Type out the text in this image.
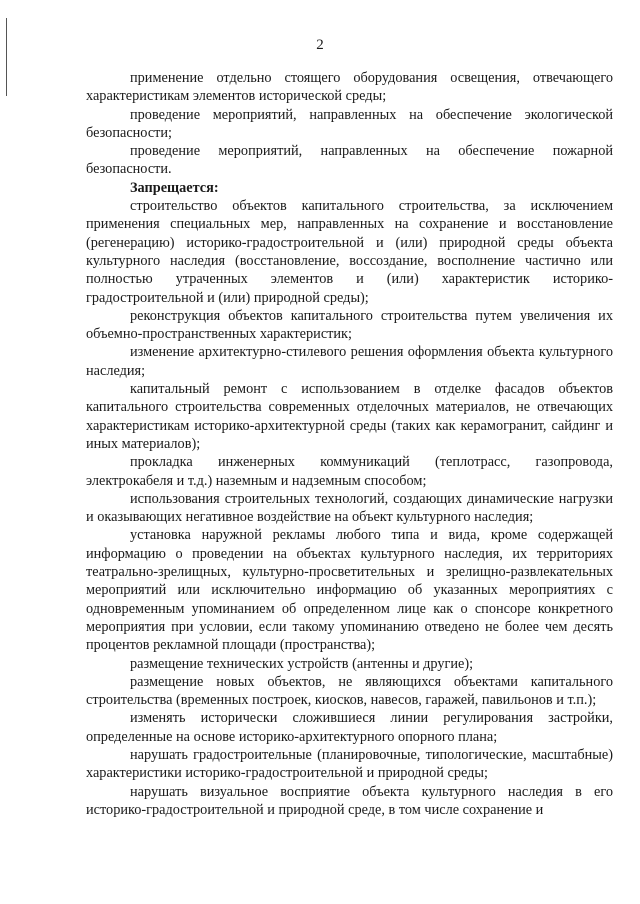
2

применение отдельно стоящего оборудования освещения, отвечающего характеристикам элементов исторической среды;

проведение мероприятий, направленных на обеспечение экологической безопасности;

проведение мероприятий, направленных на обеспечение пожарной безопасности.

Запрещается:

строительство объектов капитального строительства, за исключением применения специальных мер, направленных на сохранение и восстановление (регенерацию) историко-градостроительной и (или) природной среды объекта культурного наследия (восстановление, воссоздание, восполнение частично или полностью утраченных элементов и (или) характеристик историко-градостроительной и (или) природной среды);

реконструкция объектов капитального строительства путем увеличения их объемно-пространственных характеристик;

изменение архитектурно-стилевого решения оформления объекта культурного наследия;

капитальный ремонт с использованием в отделке фасадов объектов капитального строительства современных отделочных материалов, не отвечающих характеристикам историко-архитектурной среды (таких как керамогранит, сайдинг и иных материалов);

прокладка инженерных коммуникаций (теплотрасс, газопровода, электрокабеля и т.д.) наземным и надземным способом;

использования строительных технологий, создающих динамические нагрузки и оказывающих негативное воздействие на объект культурного наследия;

установка наружной рекламы любого типа и вида, кроме содержащей информацию о проведении на объектах культурного наследия, их территориях театрально-зрелищных, культурно-просветительных и зрелищно-развлекательных мероприятий или исключительно информацию об указанных мероприятиях с одновременным упоминанием об определенном лице как о спонсоре конкретного мероприятия при условии, если такому упоминанию отведено не более чем десять процентов рекламной площади (пространства);

размещение технических устройств (антенны и другие);

размещение новых объектов, не являющихся объектами капитального строительства (временных построек, киосков, навесов, гаражей, павильонов и т.п.);

изменять исторически сложившиеся линии регулирования застройки, определенные на основе историко-архитектурного опорного плана;

нарушать градостроительные (планировочные, типологические, масштабные) характеристики историко-градостроительной и природной среды;

нарушать визуальное восприятие объекта культурного наследия в его историко-градостроительной и природной среде, в том числе сохранение и
